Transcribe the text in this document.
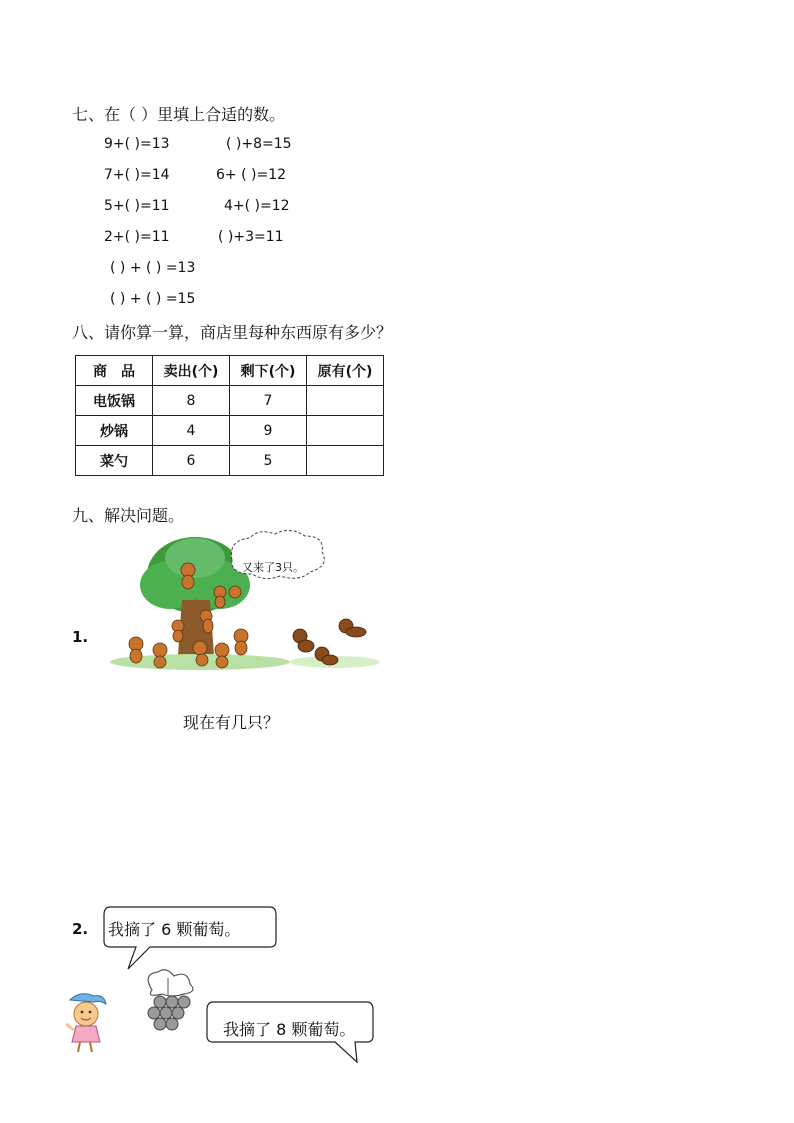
七、在（ ）里填上合适的数。
9+( )=13	( )+8=15
7+( )=14	6+ ( )=12
5+( )=11	4+( )=12
2+( )=11	( )+3=11
( ) + ( ) =13
( ) + ( ) =15
八、请你算一算，商店里每种东西原有多少？
商　品	卖出(个)	剩下(个)	原有(个)
电饭锅	8	7	
炒锅	4	9	
菜勺	6	5	
九、解决问题。
1.
又来了3只。
现在有几只？
2. 我摘了 6 颗葡萄。
我摘了 8 颗葡萄。
